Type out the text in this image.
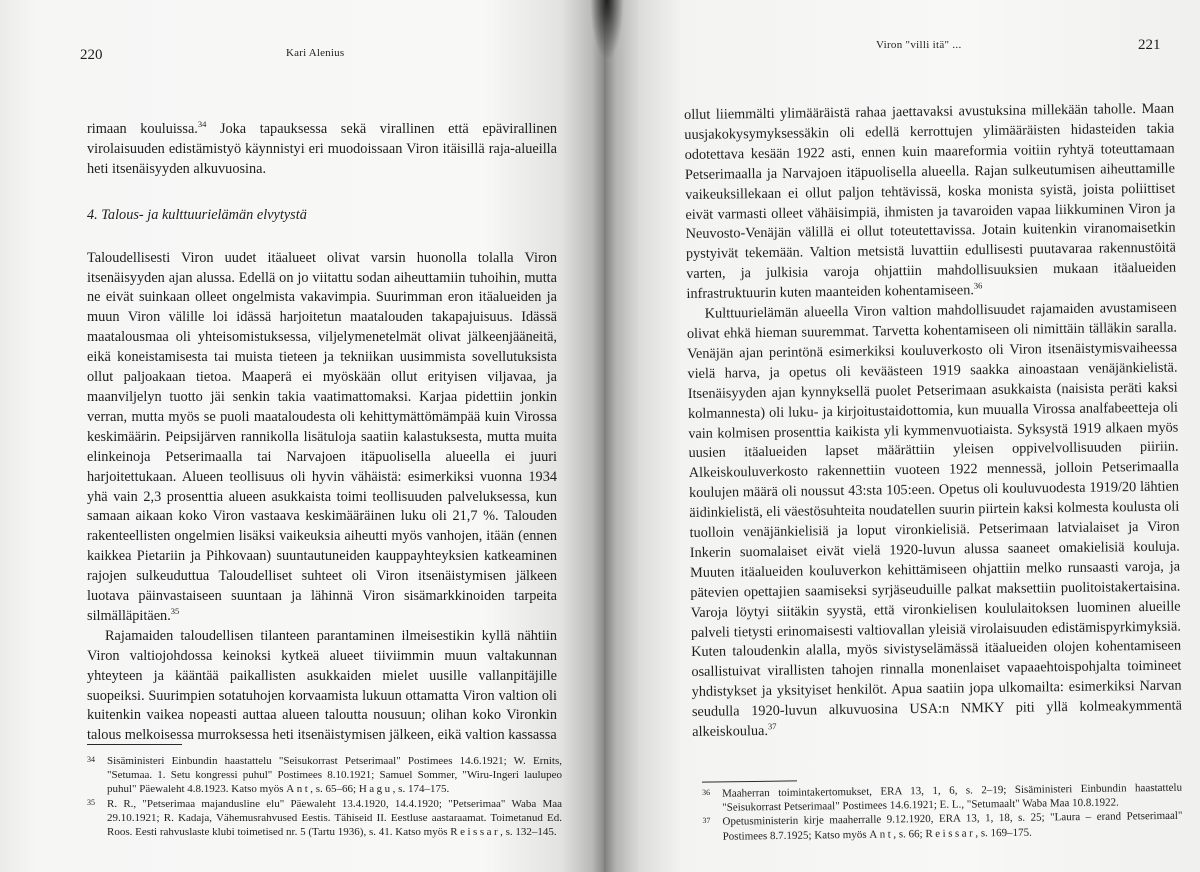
220	Kari Alenius

rimaan kouluissa.$^{34}$ Joka tapauksessa sekä virallinen että epävirallinen virolaisuuden edistämistyö käynnistyi eri muodoissaan Viron itäisillä raja-alueilla heti itsenäisyyden alkuvuosina.

4. Talous- ja kulttuurielämän elvytystä

Taloudellisesti Viron uudet itäalueet olivat varsin huonolla tolalla Viron itsenäisyyden ajan alussa. Edellä on jo viitattu sodan aiheuttamiin tuhoihin, mutta ne eivät suinkaan olleet ongelmista vakavimpia. Suurimman eron itäalueiden ja muun Viron välille loi idässä harjoitetun maatalouden takapajuisuus. Idässä maatalousmaa oli yhteisomistuksessa, viljelymenetelmät olivat jälkeenjääneitä, eikä koneistamisesta tai muista tieteen ja tekniikan uusimmista sovellutuksista ollut paljoakaan tietoa. Maaperä ei myöskään ollut erityisen viljavaa, ja maanviljelyn tuotto jäi senkin takia vaatimattomaksi. Karjaa pidettiin jonkin verran, mutta myös se puoli maataloudesta oli kehittymättömämpää kuin Virossa keskimäärin. Peipsijärven rannikolla lisätuloja saatiin kalastuksesta, mutta muita elinkeinoja Petserimaalla tai Narvajoen itäpuolisella alueella ei juuri harjoitettukaan. Alueen teollisuus oli hyvin vähäistä: esimerkiksi vuonna 1934 yhä vain 2,3 prosenttia alueen asukkaista toimi teollisuuden palveluksessa, kun samaan aikaan koko Viron vastaava keskimääräinen luku oli 21,7 %. Talouden rakenteellisten ongelmien lisäksi vaikeuksia aiheutti myös vanhojen, itään (ennen kaikkea Pietariin ja Pihkovaan) suuntautuneiden kauppayhteyksien katkeaminen rajojen sulkeuduttua Taloudelliset suhteet oli Viron itsenäistymisen jälkeen luotava päinvastaiseen suuntaan ja lähinnä Viron sisämarkkinoiden tarpeita silmälläpitäen.$^{35}$

Rajamaiden taloudellisen tilanteen parantaminen ilmeisestikin kyllä nähtiin Viron valtiojohdossa keinoksi kytkeä alueet tiiviimmin muun valtakunnan yhteyteen ja kääntää paikallisten asukkaiden mielet uusille vallanpitäjille suopeiksi. Suurimpien sotatuhojen korvaamista lukuun ottamatta Viron valtion oli kuitenkin vaikea nopeasti auttaa alueen taloutta nousuun; olihan koko Vironkin talous melkoisessa murroksessa heti itsenäistymisen jälkeen, eikä valtion kassassa

34 Sisäministeri Einbundin haastattelu "Seisukorrast Petserimaal" Postimees 14.6.1921; W. Ernits, "Setumaa. 1. Setu kongressi puhul" Postimees 8.10.1921; Samuel Sommer, "Wiru-Ingeri laulupeo puhul" Päewaleht 4.8.1923. Katso myös Ant, s. 65–66; Hagu, s. 174–175.
35 R. R., "Petserimaa majandusline elu" Päewaleht 13.4.1920, 14.4.1920; "Petserimaa" Waba Maa 29.10.1921; R. Kadaja, Vähemusrahvused Eestis. Tähiseid II. Eestluse aastaraamat. Toimetanud Ed. Roos. Eesti rahvuslaste klubi toimetised nr. 5 (Tartu 1936), s. 41. Katso myös Reissar, s. 132–145.
Viron "villi itä" ...	221

ollut liiemmälti ylimääräistä rahaa jaettavaksi avustuksina millekään taholle. Maan uusjakokysymyksessäkin oli edellä kerrottujen ylimääräisten hidasteiden takia odotettava kesään 1922 asti, ennen kuin maareformia voitiin ryhtyä toteuttamaan Petserimaalla ja Narvajoen itäpuolisella alueella. Rajan sulkeutumisen aiheuttamille vaikeuksillekaan ei ollut paljon tehtävissä, koska monista syistä, joista poliittiset eivät varmasti olleet vähäisimpiä, ihmisten ja tavaroiden vapaa liikkuminen Viron ja Neuvosto-Venäjän välillä ei ollut toteutettavissa. Jotain kuitenkin viranomaisetkin pystyivät tekemään. Valtion metsistä luvattiin edullisesti puutavaraa rakennustöitä varten, ja julkisia varoja ohjattiin mahdollisuuksien mukaan itäalueiden infrastruktuurin kuten maanteiden kohentamiseen.$^{36}$

Kulttuurielämän alueella Viron valtion mahdollisuudet rajamaiden avustamiseen olivat ehkä hieman suuremmat. Tarvetta kohentamiseen oli nimittäin tälläkin saralla. Venäjän ajan perintönä esimerkiksi kouluverkosto oli Viron itsenäistymisvaiheessa vielä harva, ja opetus oli keväästeen 1919 saakka ainoastaan venäjänkielistä. Itsenäisyyden ajan kynnyksellä puolet Petserimaan asukkaista (naisista peräti kaksi kolmannesta) oli luku- ja kirjoitustaidottomia, kun muualla Virossa analfabeetteja oli vain kolmisen prosenttia kaikista yli kymmenvuotiaista. Syksystä 1919 alkaen myös uusien itäalueiden lapset määrättiin yleisen oppivelvollisuuden piiriin. Alkeiskouluverkosto rakennettiin vuoteen 1922 mennessä, jolloin Petserimaalla koulujen määrä oli noussut 43:sta 105:een. Opetus oli kouluvuodesta 1919/20 lähtien äidinkielistä, eli väestösuhteita noudatellen suurin piirtein kaksi kolmesta koulusta oli tuolloin venäjänkielisiä ja loput vironkielisiä. Petserimaan latvialaiset ja Viron Inkerin suomalaiset eivät vielä 1920-luvun alussa saaneet omakielisiä kouluja. Muuten itäalueiden kouluverkon kehittämiseen ohjattiin melko runsaasti varoja, ja pätevien opettajien saamiseksi syrjäseuduille palkat maksettiin puolitoistakertaisina. Varoja löytyi siitäkin syystä, että vironkielisen koululaitoksen luominen alueille palveli tietysti erinomaisesti valtiovallan yleisiä virolaisuuden edistämispyrkimyksiä. Kuten taloudenkin alalla, myös sivistyselämässä itäalueiden olojen kohentamiseen osallistuivat virallisten tahojen rinnalla monenlaiset vapaaehtoispohjalta toimineet yhdistykset ja yksityiset henkilöt. Apua saatiin jopa ulkomailta: esimerkiksi Narvan seudulla 1920-luvun alkuvuosina USA:n NMKY piti yllä kolmeakymmentä alkeiskoulua.$^{37}$

36 Maaherran toimintakertomukset, ERA 13, 1, 6, s. 2–19; Sisäministeri Einbundin haastattelu "Seisukorrast Petserimaal" Postimees 14.6.1921; E. L., "Setumaalt" Waba Maa 10.8.1922.
37 Opetusministerin kirje maaherralle 9.12.1920, ERA 13, 1, 18, s. 25; "Laura – erand Petserimaal" Postimees 8.7.1925; Katso myös Ant, s. 66; Reissar, s. 169–175.
